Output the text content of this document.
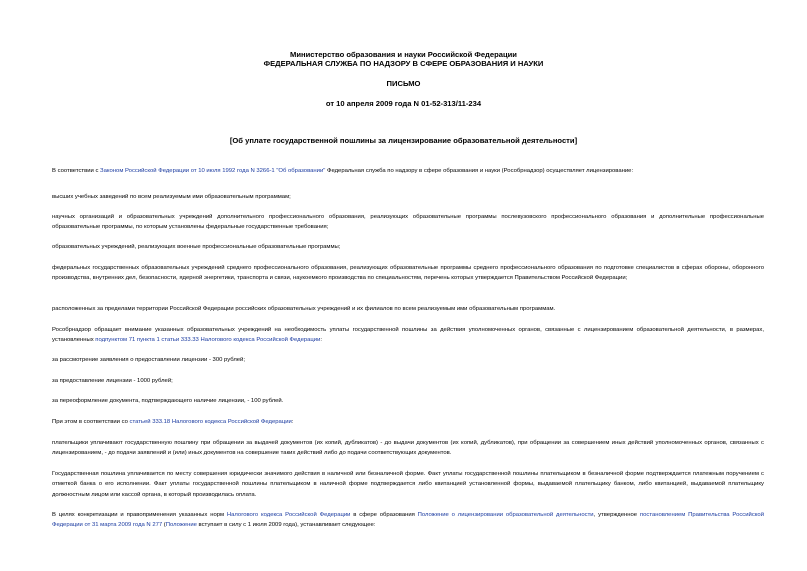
Министерство образования и науки Российской Федерации
ФЕДЕРАЛЬНАЯ СЛУЖБА ПО НАДЗОРУ В СФЕРЕ ОБРАЗОВАНИЯ И НАУКИ
ПИСЬМО
от 10 апреля 2009 года N 01-52-313/11-234
[Об уплате государственной пошлины за лицензирование образовательной деятельности]
В соответствии с Законом Российской Федерации от 10 июля 1992 года N 3266-1 "Об образовании" Федеральная служба по надзору в сфере образования и науки (Рособрнадзор) осуществляет лицензирование:
высших учебных заведений по всем реализуемым ими образовательным программам;
научных организаций и образовательных учреждений дополнительного профессионального образования, реализующих образовательные программы послевузовского профессионального образования и дополнительные профессиональные образовательные программы, по которым установлены федеральные государственные требования;
образовательных учреждений, реализующих военные профессиональные образовательные программы;
федеральных государственных образовательных учреждений среднего профессионального образования, реализующих образовательные программы среднего профессионального образования по подготовке специалистов в сферах обороны, оборонного производства, внутренних дел, безопасности, ядерной энергетики, транспорта и связи, наукоемкого производства по специальностям, перечень которых утверждается Правительством Российской Федерации;
расположенных за пределами территории Российской Федерации российских образовательных учреждений и их филиалов по всем реализуемым ими образовательным программам.
Рособрнадзор обращает внимание указанных образовательных учреждений на необходимость уплаты государственной пошлины за действия уполномоченных органов, связанные с лицензированием образовательной деятельности, в размерах, установленных подпунктом 71 пункта 1 статьи 333.33 Налогового кодекса Российской Федерации:
за рассмотрение заявления о предоставлении лицензии - 300 рублей;
за предоставление лицензии - 1000 рублей;
за переоформление документа, подтверждающего наличие лицензии, - 100 рублей.
При этом в соответствии со статьей 333.18 Налогового кодекса Российской Федерации:
плательщики уплачивают государственную пошлину при обращении за выдачей документов (их копий, дубликатов) - до выдачи документов (их копий, дубликатов), при обращении за совершением иных действий уполномоченных органов, связанных с лицензированием, - до подачи заявлений и (или) иных документов на совершение таких действий либо до подачи соответствующих документов.
Государственная пошлина уплачивается по месту совершения юридически значимого действия в наличной или безналичной форме. Факт уплаты государственной пошлины плательщиком в безналичной форме подтверждается платежным поручением с отметкой банка о его исполнении. Факт уплаты государственной пошлины плательщиком в наличной форме подтверждается либо квитанцией установленной формы, выдаваемой плательщику банком, либо квитанцией, выдаваемой плательщику должностным лицом или кассой органа, в который производилась оплата.
В целях конкретизации и правоприменения указанных норм Налогового кодекса Российской Федерации в сфере образования Положение о лицензировании образовательной деятельности, утвержденное постановлением Правительства Российской Федерации от 31 марта 2009 года N 277 (Положение вступает в силу с 1 июля 2009 года), устанавливает следующее:
